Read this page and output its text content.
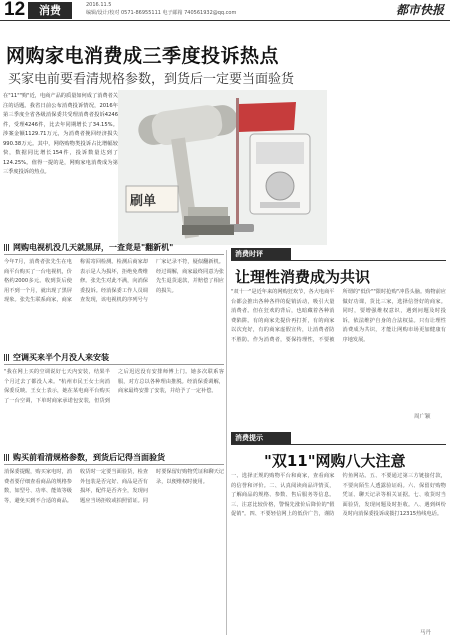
12	消费	2016.11.5
编辑/设计/校对 0571-86955111 电子邮箱 740561932@qq.com	都市快报
网购家电消费成三季度投诉热点
买家电前要看清规格参数，到货后一定要当面验货
在"11""购"近，电商产品的质量如何成了消费者关注的话题。我省日前公布消费投诉情况，2016年第三季度全省各级消保委共受理消费者投诉4246件，受理4246件，比去年同期增长了34.15%。涉案金额1129.71万元，为消费者挽回经济损失990.38万元。其中，网络购物类投诉占比增幅较快，数据同比增长154件，投诉数量达到了124.25%。值得一提的是，网购家电消费成为第三季度投诉的热点。
刷单
网购电视机没几天就黑屏，一查竟是"翻新机"
今年7月，消费者张先生在电商平台购买了一台电视机，价格约2000多元。收到货后使用不到一个月，就出现了黑屏现象。张先生联系商家，商家称需寄回检测。检测后商家却表示是人为损坏，拒绝免费维修。张先生对此不满，向消保委投诉。经消保委工作人员调查发现，该电视机的序列号与厂家记录不符，疑似翻新机。经过调解，商家最终同意为张先生退货退款，并赔偿了相应的损失。
空调买来半个月没人来安装
"我在网上买的空调说好七天内安装，结果半个月过去了都没人来。"杭州市民王女士向消保委反映。王女士表示，她在某电商平台购买了一台空调，下单时商家承诺包安装，但货到之后迟迟没有安排师傅上门。她多次联系客服，对方总以各种理由推脱。经消保委调解，商家最终安排了安装，并给予了一定补偿。
购买前看清规格参数，到货后记得当面验货
消保委提醒，购买家电时，消费者要仔细查看商品的规格参数，如型号、功率、能效等级等，避免买到不合适的商品。收货时一定要当面验货，检查外包装是否完好、商品是否有损坏，配件是否齐全，发现问题应当场拒收或拍照留证。同时要保留好购物凭证和聊天记录，以便维权时使用。
消费时评
让理性消费成为共识
"双十一"是近年来的网购狂欢节，各大电商平台都会推出各种各样的促销活动，吸引大量消费者。但在狂欢的背后，也暗藏着各种消费陷阱。有的商家先提价再打折，有的商家以次充好，有的商家虚假宣传，让消费者防不胜防。作为消费者，要保持理性，不要被所谓的"低价""限时抢购"冲昏头脑。购物前应做好功课，货比三家，选择信誉好的商家。同时，要增强维权意识，遇到问题及时投诉，依法维护自身的合法权益。只有让理性消费成为共识，才能让网购市场更加健康有序地发展。
周广颖
消费提示
"双11"网购八大注意
一、选择正规的购物平台和商家，查看商家的信誉和评价。二、认真阅读商品详情页，了解商品的规格、参数、售后服务等信息。三、注意比较价格，警惕先涨价后降价的"假促销"。四、不要轻信网上的低价广告，谨防钓鱼网站。五、不要通过第三方链接付款，不要向陌生人透露验证码。六、保留好购物凭证、聊天记录等相关证据。七、收货时当面验货，发现问题及时拒收。八、遇到纠纷及时向消保委投诉或拨打12315热线电话。
马丹
